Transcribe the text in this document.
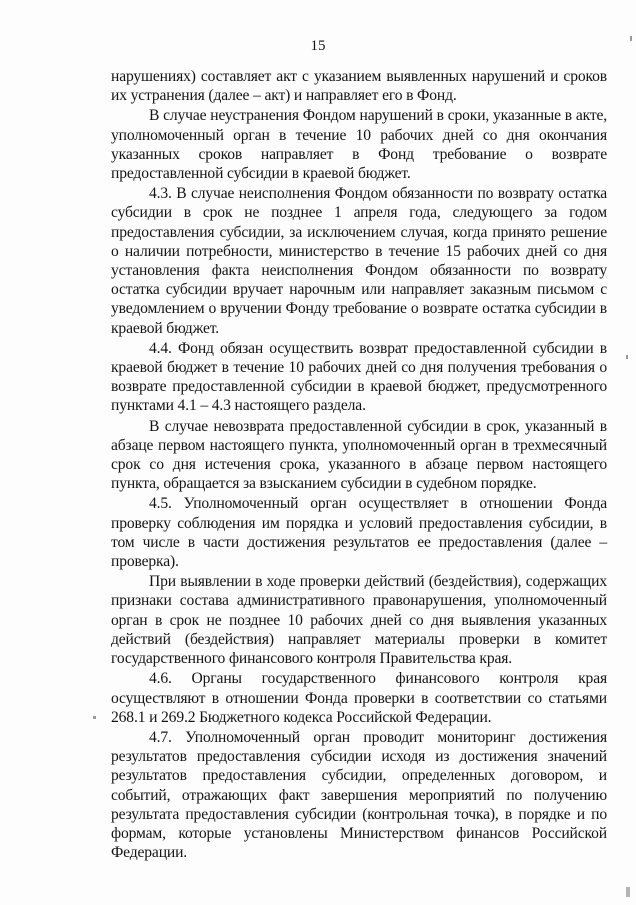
15

нарушениях) составляет акт с указанием выявленных нарушений и сроков их устранения (далее – акт) и направляет его в Фонд.

В случае неустранения Фондом нарушений в сроки, указанные в акте, уполномоченный орган в течение 10 рабочих дней со дня окончания указанных сроков направляет в Фонд требование о возврате предоставленной субсидии в краевой бюджет.

4.3. В случае неисполнения Фондом обязанности по возврату остатка субсидии в срок не позднее 1 апреля года, следующего за годом предоставления субсидии, за исключением случая, когда принято решение о наличии потребности, министерство в течение 15 рабочих дней со дня установления факта неисполнения Фондом обязанности по возврату остатка субсидии вручает нарочным или направляет заказным письмом с уведомлением о вручении Фонду требование о возврате остатка субсидии в краевой бюджет.

4.4. Фонд обязан осуществить возврат предоставленной субсидии в краевой бюджет в течение 10 рабочих дней со дня получения требования о возврате предоставленной субсидии в краевой бюджет, предусмотренного пунктами 4.1 – 4.3 настоящего раздела.

В случае невозврата предоставленной субсидии в срок, указанный в абзаце первом настоящего пункта, уполномоченный орган в трехмесячный срок со дня истечения срока, указанного в абзаце первом настоящего пункта, обращается за взысканием субсидии в судебном порядке.

4.5. Уполномоченный орган осуществляет в отношении Фонда проверку соблюдения им порядка и условий предоставления субсидии, в том числе в части достижения результатов ее предоставления (далее – проверка).

При выявлении в ходе проверки действий (бездействия), содержащих признаки состава административного правонарушения, уполномоченный орган в срок не позднее 10 рабочих дней со дня выявления указанных действий (бездействия) направляет материалы проверки в комитет государственного финансового контроля Правительства края.

4.6. Органы государственного финансового контроля края осуществляют в отношении Фонда проверки в соответствии со статьями 268.1 и 269.2 Бюджетного кодекса Российской Федерации.

4.7. Уполномоченный орган проводит мониторинг достижения результатов предоставления субсидии исходя из достижения значений результатов предоставления субсидии, определенных договором, и событий, отражающих факт завершения мероприятий по получению результата предоставления субсидии (контрольная точка), в порядке и по формам, которые установлены Министерством финансов Российской Федерации.
